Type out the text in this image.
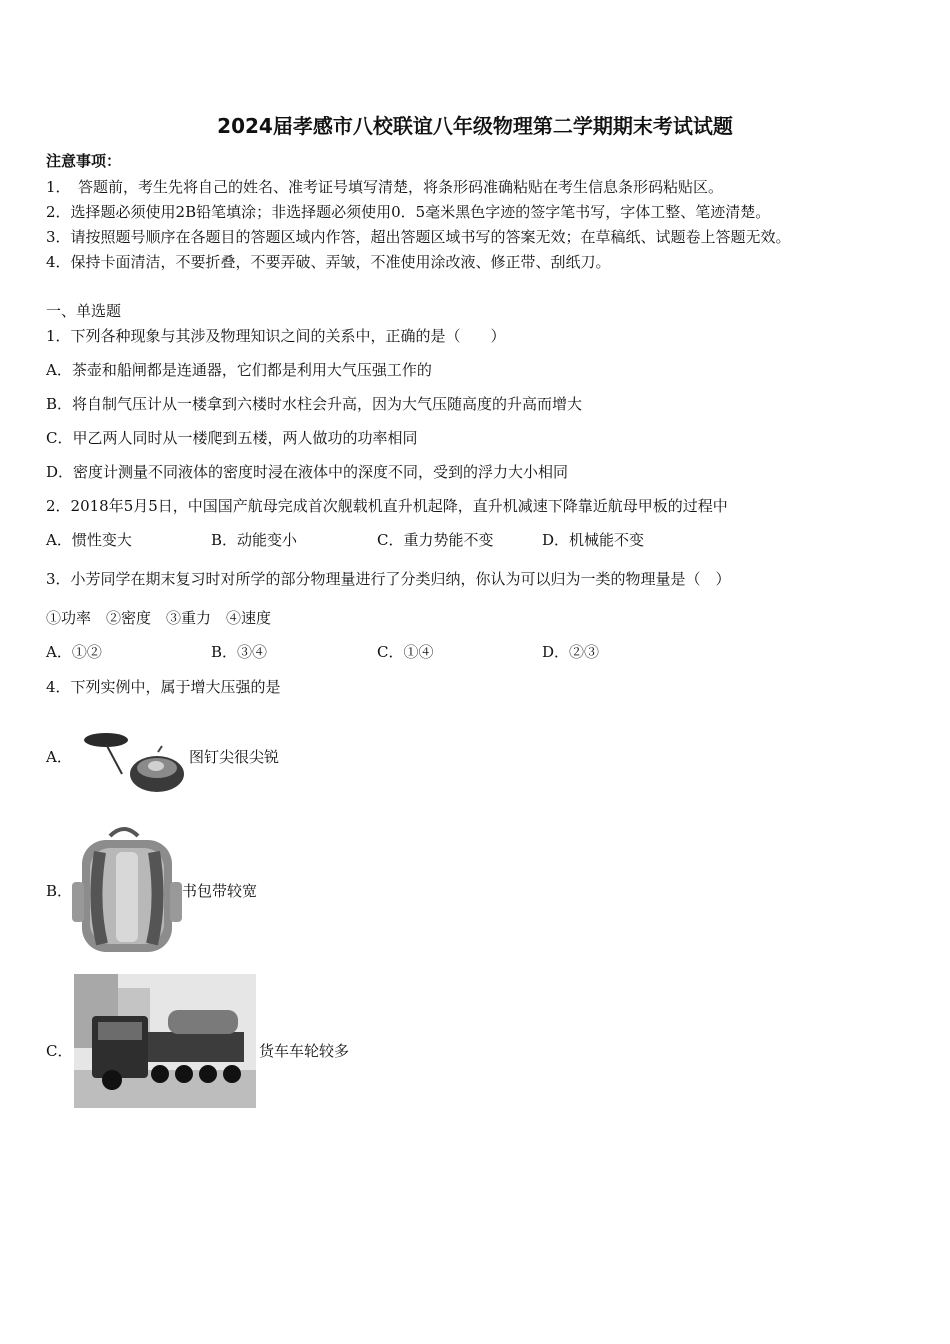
2024届孝感市八校联谊八年级物理第二学期期末考试试题
注意事项：
1．　答题前，考生先将自己的姓名、准考证号填写清楚，将条形码准确粘贴在考生信息条形码粘贴区。
2．选择题必须使用2B铅笔填涂；非选择题必须使用0．5毫米黑色字迹的签字笔书写，字体工整、笔迹清楚。
3．请按照题号顺序在各题目的答题区域内作答，超出答题区域书写的答案无效；在草稿纸、试题卷上答题无效。
4．保持卡面清洁，不要折叠，不要弄破、弄皱，不准使用涂改液、修正带、刮纸刀。
一、单选题
1．下列各种现象与其涉及物理知识之间的关系中，正确的是（　　）
A．茶壶和船闸都是连通器，它们都是利用大气压强工作的
B．将自制气压计从一楼拿到六楼时水柱会升高，因为大气压随高度的升高而增大
C．甲乙两人同时从一楼爬到五楼，两人做功的功率相同
D．密度计测量不同液体的密度时浸在液体中的深度不同，受到的浮力大小相同
2．2018年5月5日，中国国产航母完成首次舰载机直升机起降，直升机减速下降靠近航母甲板的过程中
A．惯性变大	B．动能变小	C．重力势能不变	D．机械能不变
3．小芳同学在期末复习时对所学的部分物理量进行了分类归纳，你认为可以归为一类的物理量是（　）
①功率　②密度　③重力　④速度
A．①②	B．③④	C．①④	D．②③
4．下列实例中，属于增大压强的是
A．	图钉尖很尖锐
B．	书包带较宽
C．	货车车轮较多
